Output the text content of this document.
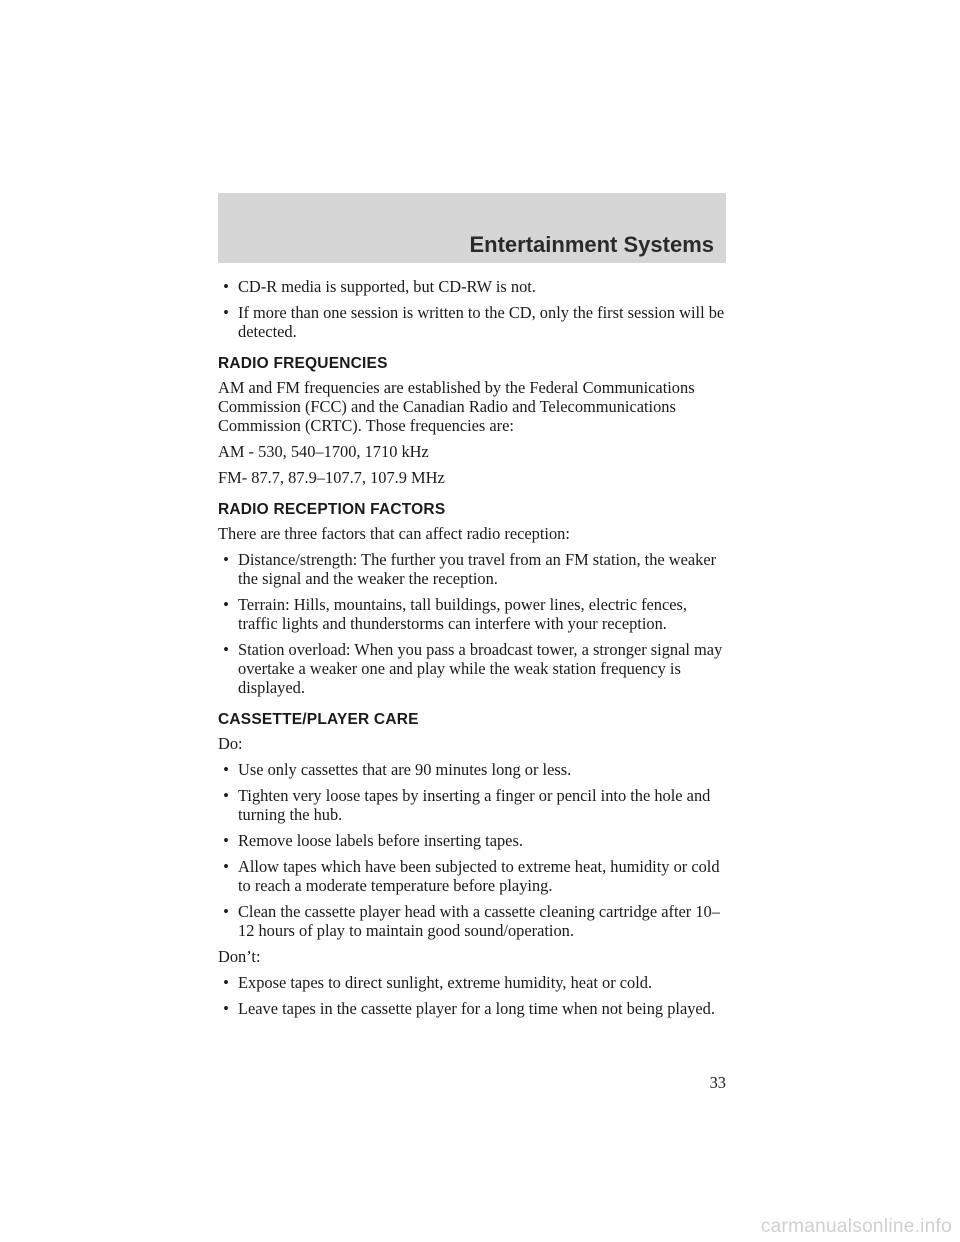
Entertainment Systems
• CD-R media is supported, but CD-RW is not.
• If more than one session is written to the CD, only the first session will be detected.
RADIO FREQUENCIES

AM and FM frequencies are established by the Federal Communications Commission (FCC) and the Canadian Radio and Telecommunications Commission (CRTC). Those frequencies are:

AM - 530, 540–1700, 1710 kHz

FM- 87.7, 87.9–107.7, 107.9 MHz

RADIO RECEPTION FACTORS

There are three factors that can affect radio reception:

• Distance/strength: The further you travel from an FM station, the weaker the signal and the weaker the reception.
• Terrain: Hills, mountains, tall buildings, power lines, electric fences, traffic lights and thunderstorms can interfere with your reception.
• Station overload: When you pass a broadcast tower, a stronger signal may overtake a weaker one and play while the weak station frequency is displayed.
CASSETTE/PLAYER CARE

Do:

• Use only cassettes that are 90 minutes long or less.
• Tighten very loose tapes by inserting a finger or pencil into the hole and turning the hub.
• Remove loose labels before inserting tapes.
• Allow tapes which have been subjected to extreme heat, humidity or cold to reach a moderate temperature before playing.
• Clean the cassette player head with a cassette cleaning cartridge after 10–12 hours of play to maintain good sound/operation.

Don’t:

• Expose tapes to direct sunlight, extreme humidity, heat or cold.
• Leave tapes in the cassette player for a long time when not being played.
33
carmanualsonline.info
